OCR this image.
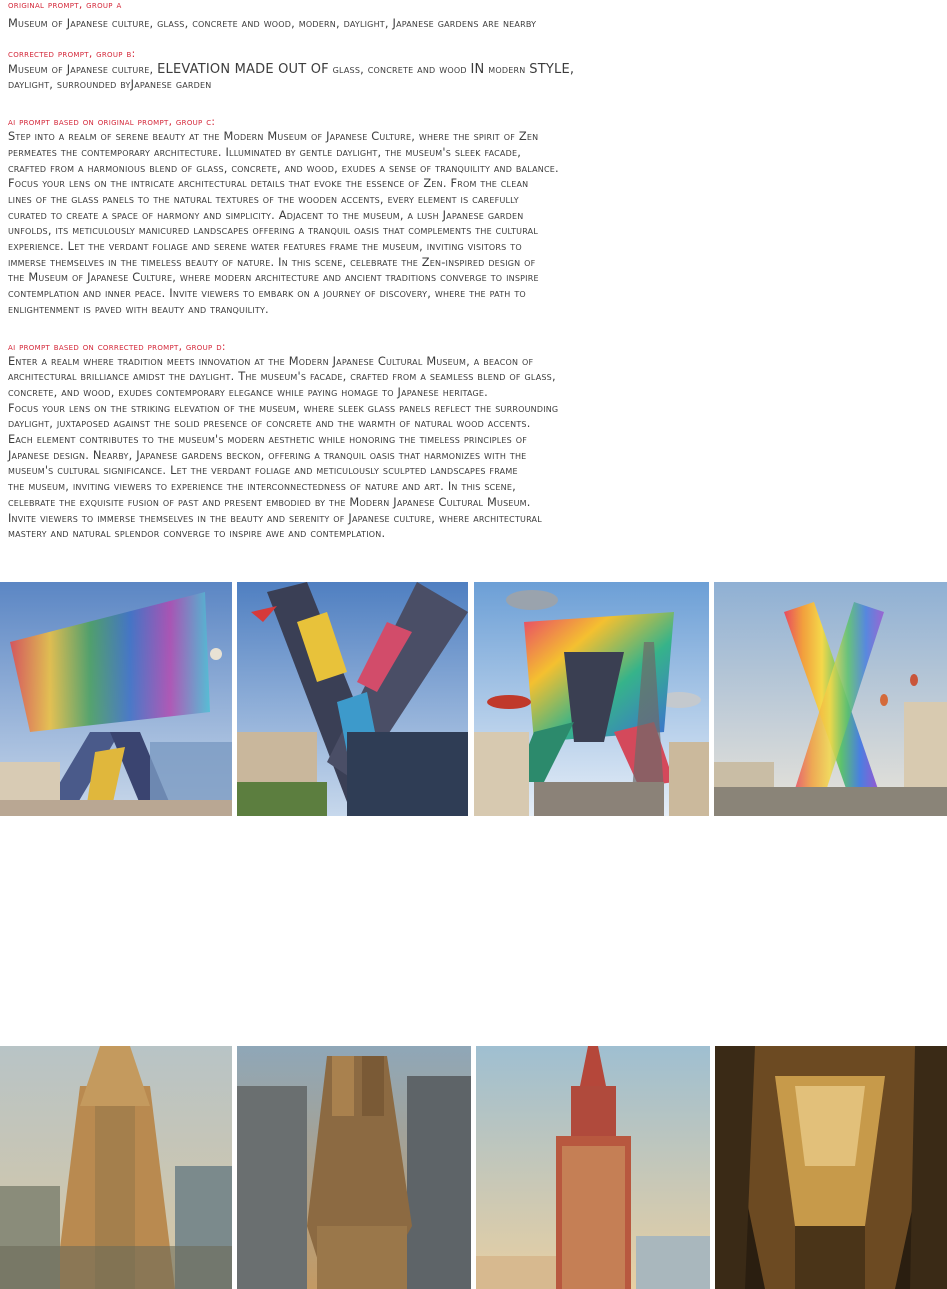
original prompt, group a
Museum of Japanese culture, glass, concrete and wood, modern, daylight, Japanese gardens are nearby
corrected prompt, group b:
Museum of Japanese culture, ELEVATION MADE OUT OF glass, concrete and wood IN modern STYLE,
daylight, surrounded byJapanese garden
ai prompt based on original prompt, group c:
Step into a realm of serene beauty at the Modern Museum of Japanese Culture, where the spirit of Zen
permeates the contemporary architecture. Illuminated by gentle daylight, the museum's sleek facade,
crafted from a harmonious blend of glass, concrete, and wood, exudes a sense of tranquility and balance.
Focus your lens on the intricate architectural details that evoke the essence of Zen. From the clean
lines of the glass panels to the natural textures of the wooden accents, every element is carefully
curated to create a space of harmony and simplicity. Adjacent to the museum, a lush Japanese garden
unfolds, its meticulously manicured landscapes offering a tranquil oasis that complements the cultural
experience. Let the verdant foliage and serene water features frame the museum, inviting visitors to
immerse themselves in the timeless beauty of nature. In this scene, celebrate the Zen-inspired design of
the Museum of Japanese Culture, where modern architecture and ancient traditions converge to inspire
contemplation and inner peace. Invite viewers to embark on a journey of discovery, where the path to
enlightenment is paved with beauty and tranquility.
ai prompt based on corrected prompt, group d:
Enter a realm where tradition meets innovation at the Modern Japanese Cultural Museum, a beacon of
architectural brilliance amidst the daylight. The museum's facade, crafted from a seamless blend of glass,
concrete, and wood, exudes contemporary elegance while paying homage to Japanese heritage.
Focus your lens on the striking elevation of the museum, where sleek glass panels reflect the surrounding
daylight, juxtaposed against the solid presence of concrete and the warmth of natural wood accents.
Each element contributes to the museum's modern aesthetic while honoring the timeless principles of
Japanese design. Nearby, Japanese gardens beckon, offering a tranquil oasis that harmonizes with the
museum's cultural significance. Let the verdant foliage and meticulously sculpted landscapes frame
the museum, inviting viewers to experience the interconnectedness of nature and art. In this scene,
celebrate the exquisite fusion of past and present embodied by the Modern Japanese Cultural Museum.
Invite viewers to immerse themselves in the beauty and serenity of Japanese culture, where architectural
mastery and natural splendor converge to inspire awe and contemplation.
